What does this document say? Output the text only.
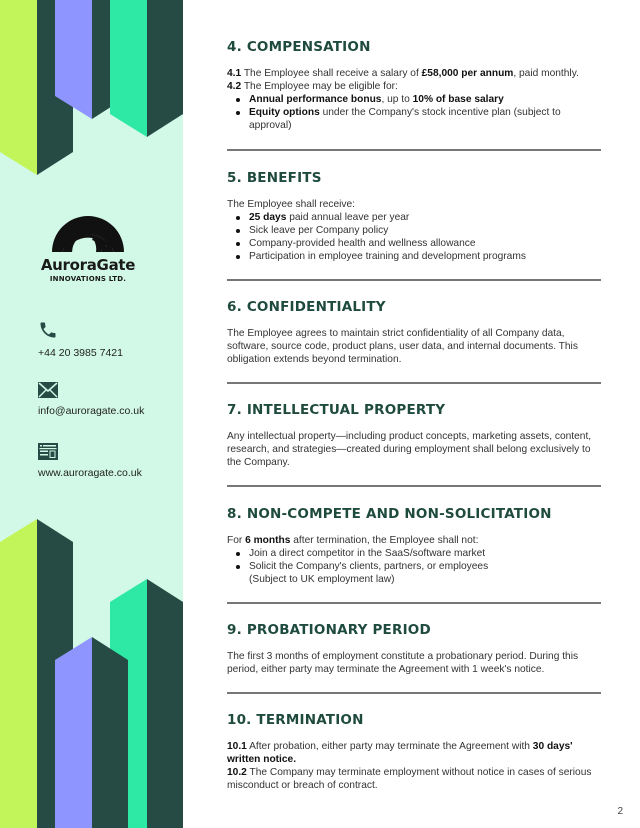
AuroraGate
INNOVATIONS LTD.
+44 20 3985 7421
info@auroragate.co.uk
www.auroragate.co.uk
4. COMPENSATION
4.1 The Employee shall receive a salary of £58,000 per annum, paid monthly.
4.2 The Employee may be eligible for:
Annual performance bonus, up to 10% of base salary
Equity options under the Company's stock incentive plan (subject to approval)
5. BENEFITS
The Employee shall receive:
25 days paid annual leave per year
Sick leave per Company policy
Company-provided health and wellness allowance
Participation in employee training and development programs
6. CONFIDENTIALITY
The Employee agrees to maintain strict confidentiality of all Company data, software, source code, product plans, user data, and internal documents. This obligation extends beyond termination.
7. INTELLECTUAL PROPERTY
Any intellectual property—including product concepts, marketing assets, content, research, and strategies—created during employment shall belong exclusively to the Company.
8. NON-COMPETE AND NON-SOLICITATION
For 6 months after termination, the Employee shall not:
Join a direct competitor in the SaaS/software market
Solicit the Company's clients, partners, or employees
(Subject to UK employment law)
9. PROBATIONARY PERIOD
The first 3 months of employment constitute a probationary period. During this period, either party may terminate the Agreement with 1 week's notice.
10. TERMINATION
10.1 After probation, either party may terminate the Agreement with 30 days' written notice.
10.2 The Company may terminate employment without notice in cases of serious misconduct or breach of contract.
2
